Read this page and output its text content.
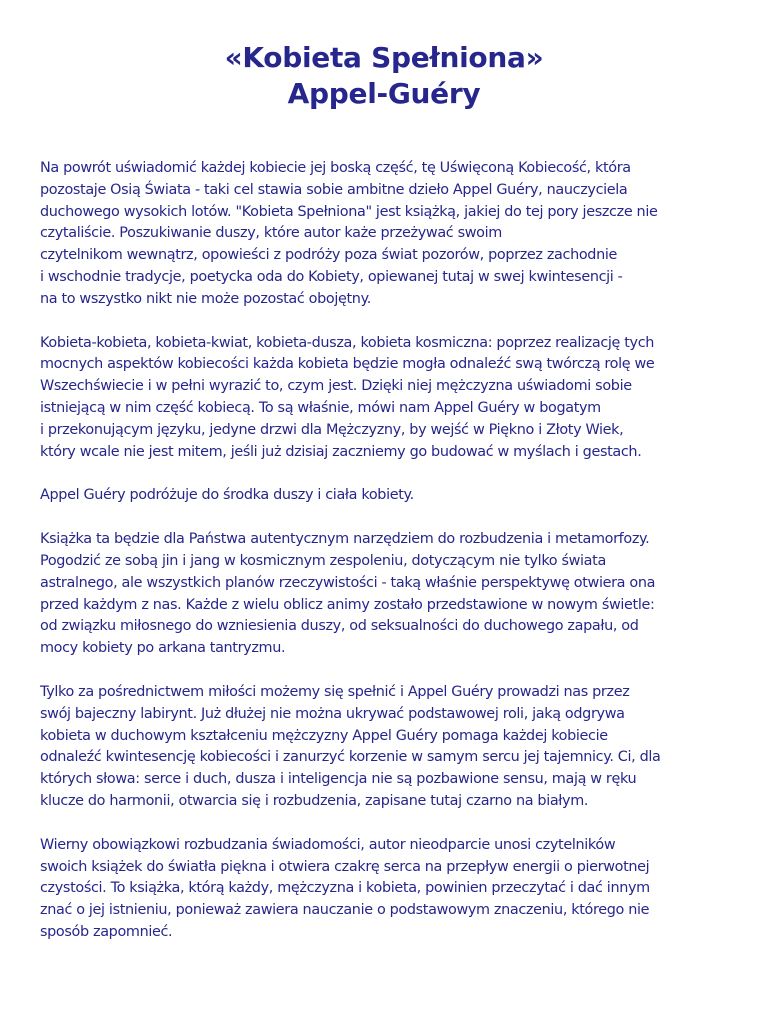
«Kobieta Spełniona»
Appel-Guéry

Na powrót uświadomić każdej kobiecie jej boską część, tę Uświęconą Kobiecość, która
pozostaje Osią Świata - taki cel stawia sobie ambitne dzieło Appel Guéry, nauczyciela
duchowego wysokich lotów. "Kobieta Spełniona" jest książką, jakiej do tej pory jeszcze nie
czytaliście. Poszukiwanie duszy, które autor każe przeżywać swoim
czytelnikom wewnątrz, opowieści z podróży poza świat pozorów, poprzez zachodnie
i wschodnie tradycje, poetycka oda do Kobiety, opiewanej tutaj w swej kwintesencji -
na to wszystko nikt nie może pozostać obojętny.

Kobieta-kobieta, kobieta-kwiat, kobieta-dusza, kobieta kosmiczna: poprzez realizację tych
mocnych aspektów kobiecości każda kobieta będzie mogła odnaleźć swą twórczą rolę we
Wszechświecie i w pełni wyrazić to, czym jest. Dzięki niej mężczyzna uświadomi sobie
istniejącą w nim część kobiecą. To są właśnie, mówi nam Appel Guéry w bogatym
i przekonującym języku, jedyne drzwi dla Mężczyzny, by wejść w Piękno i Złoty Wiek,
który wcale nie jest mitem, jeśli już dzisiaj zaczniemy go budować w myślach i gestach.

Appel Guéry podróżuje do środka duszy i ciała kobiety.

Książka ta będzie dla Państwa autentycznym narzędziem do rozbudzenia i metamorfozy.
Pogodzić ze sobą jin i jang w kosmicznym zespoleniu, dotyczącym nie tylko świata
astralnego, ale wszystkich planów rzeczywistości - taką właśnie perspektywę otwiera ona
przed każdym z nas. Każde z wielu oblicz animy zostało przedstawione w nowym świetle:
od związku miłosnego do wzniesienia duszy, od seksualności do duchowego zapału, od
mocy kobiety po arkana tantryzmu.

Tylko za pośrednictwem miłości możemy się spełnić i Appel Guéry prowadzi nas przez
swój bajeczny labirynt. Już dłużej nie można ukrywać podstawowej roli, jaką odgrywa
kobieta w duchowym kształceniu mężczyzny Appel Guéry pomaga każdej kobiecie
odnaleźć kwintesencję kobiecości i zanurzyć korzenie w samym sercu jej tajemnicy. Ci, dla
których słowa: serce i duch, dusza i inteligencja nie są pozbawione sensu, mają w ręku
klucze do harmonii, otwarcia się i rozbudzenia, zapisane tutaj czarno na białym.

Wierny obowiązkowi rozbudzania świadomości, autor nieodparcie unosi czytelników
swoich książek do światła piękna i otwiera czakrę serca na przepływ energii o pierwotnej
czystości. To książka, którą każdy, mężczyzna i kobieta, powinien przeczytać i dać innym
znać o jej istnieniu, ponieważ zawiera nauczanie o podstawowym znaczeniu, którego nie
sposób zapomnieć.
